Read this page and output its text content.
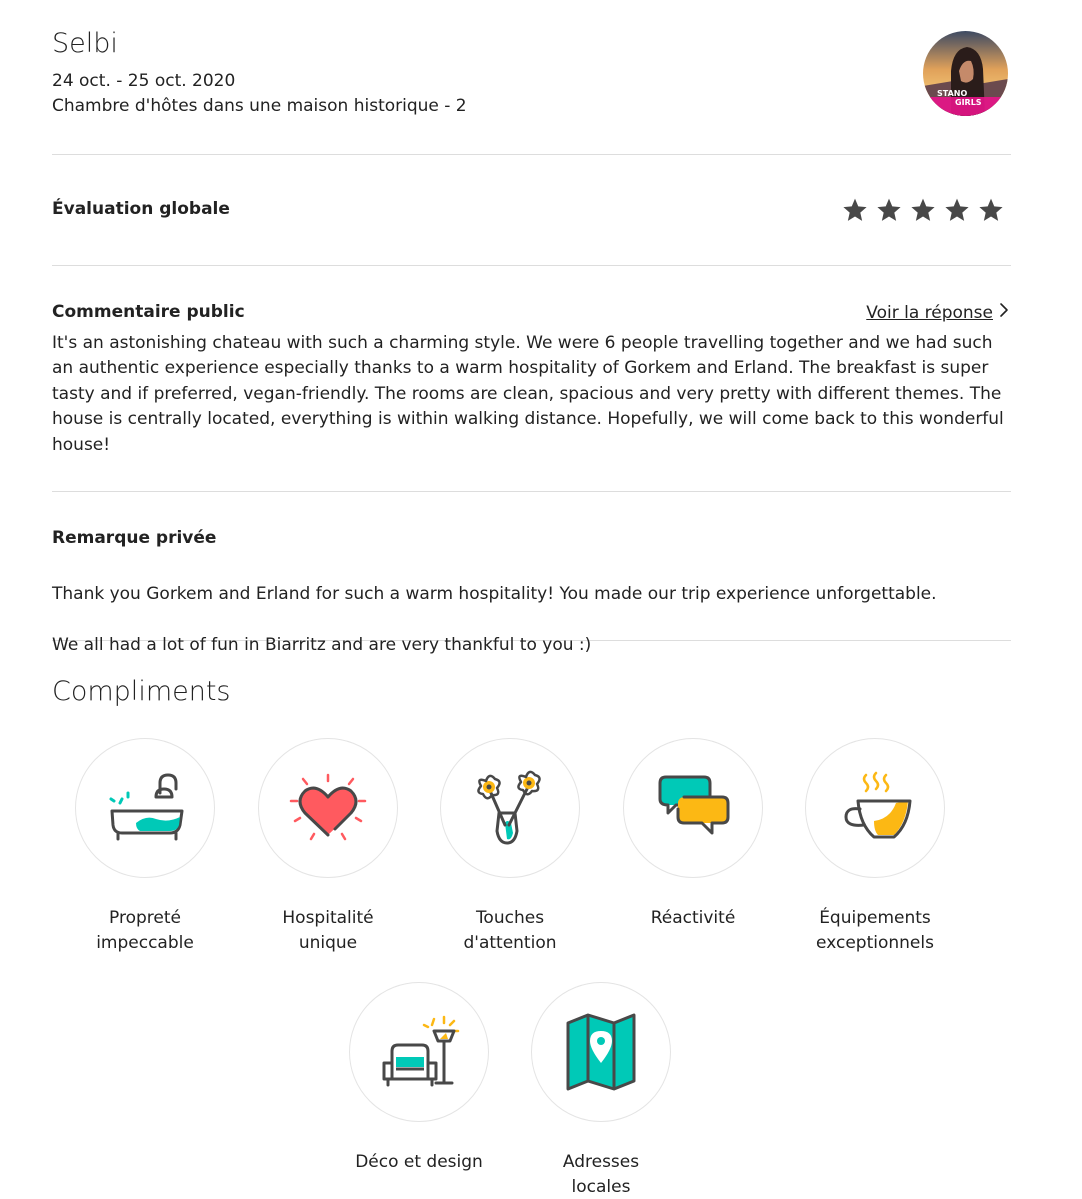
Selbi
24 oct. - 25 oct. 2020
Chambre d'hôtes dans une maison historique - 2
STANO
GIRLS
Évaluation globale
Commentaire public	Voir la réponse
It's an astonishing chateau with such a charming style. We were 6 people travelling together and we had such an authentic experience especially thanks to a warm hospitality of Gorkem and Erland. The breakfast is super tasty and if preferred, vegan-friendly. The rooms are clean, spacious and very pretty with different themes. The house is centrally located, everything is within walking distance. Hopefully, we will come back to this wonderful house!
Remarque privée

Thank you Gorkem and Erland for such a warm hospitality! You made our trip experience unforgettable.

We all had a lot of fun in Biarritz and are very thankful to you :)

Compliments
Propreté
impeccable
Hospitalité
unique
Touches
d'attention
Réactivité	Équipements
exceptionnels
Déco et design	Adresses
locales
